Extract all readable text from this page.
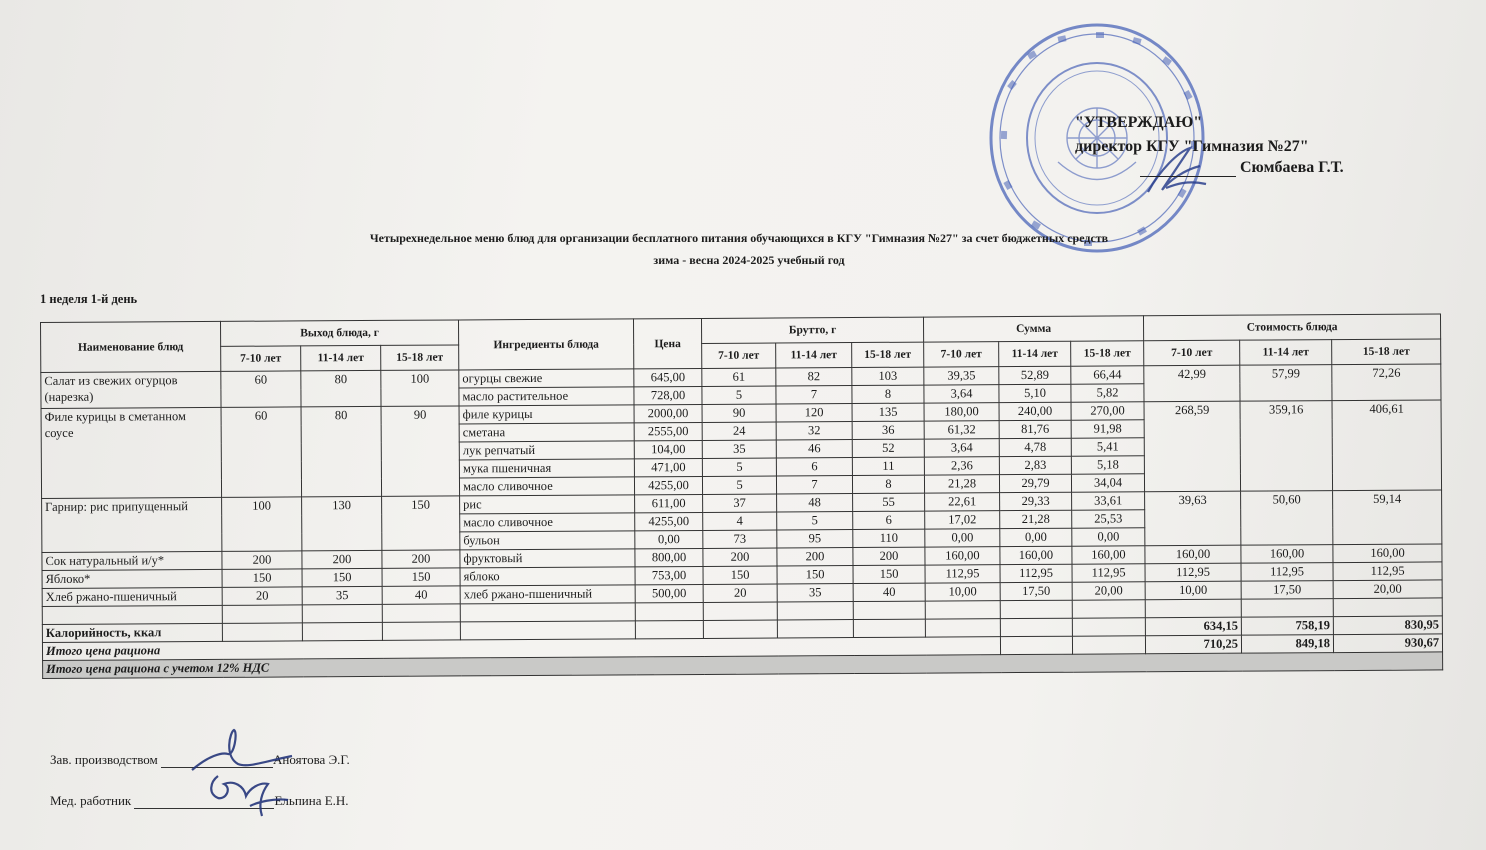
"УТВЕРЖДАЮ"
директор КГУ "Гимназия №27"
Сюмбаева Г.Т.
Четырехнедельное меню блюд для организации бесплатного питания обучающихся в КГУ "Гимназия №27" за счет бюджетных средств
зима - весна 2024-2025 учебный год
1 неделя 1-й день
Наименование блюд	Выход блюда, г			Ингредиенты блюда	Цена	Брутто, г			Сумма			Стоимость блюда		
	7-10 лет	11-14 лет	15-18 лет			7-10 лет	11-14 лет	15-18 лет	7-10 лет	11-14 лет	15-18 лет	7-10 лет	11-14 лет	15-18 лет
Салат из свежих огурцов (нарезка)	60	80	100	огурцы свежие	645,00	61	82	103	39,35	52,89	66,44	42,99	57,99	72,26
				масло растительное	728,00	5	7	8	3,64	5,10	5,82			
Филе курицы в сметанном соусе	60	80	90	филе курицы	2000,00	90	120	135	180,00	240,00	270,00	268,59	359,16	406,61
				сметана	2555,00	24	32	36	61,32	81,76	91,98			
				лук репчатый	104,00	35	46	52	3,64	4,78	5,41			
				мука пшеничная	471,00	5	6	11	2,36	2,83	5,18			
				масло сливочное	4255,00	5	7	8	21,28	29,79	34,04			
Гарнир: рис припущенный	100	130	150	рис	611,00	37	48	55	22,61	29,33	33,61	39,63	50,60	59,14
				масло сливочное	4255,00	4	5	6	17,02	21,28	25,53			
				бульон	0,00	73	95	110	0,00	0,00	0,00			
Сок натуральный и/у*	200	200	200	фруктовый	800,00	200	200	200	160,00	160,00	160,00	160,00	160,00	160,00
Яблоко*	150	150	150	яблоко	753,00	150	150	150	112,95	112,95	112,95	112,95	112,95	112,95
Хлеб ржано-пшеничный	20	35	40	хлеб ржано-пшеничный	500,00	20	35	40	10,00	17,50	20,00	10,00	17,50	20,00

Калорийность, ккал												634,15	758,19	830,95
Итого цена рациона												710,25	849,18	930,67
Итого цена рациона с учетом 12% НДС														
Зав. производством	Аноятова Э.Г.
Мед. работник	Ельпина Е.Н.
